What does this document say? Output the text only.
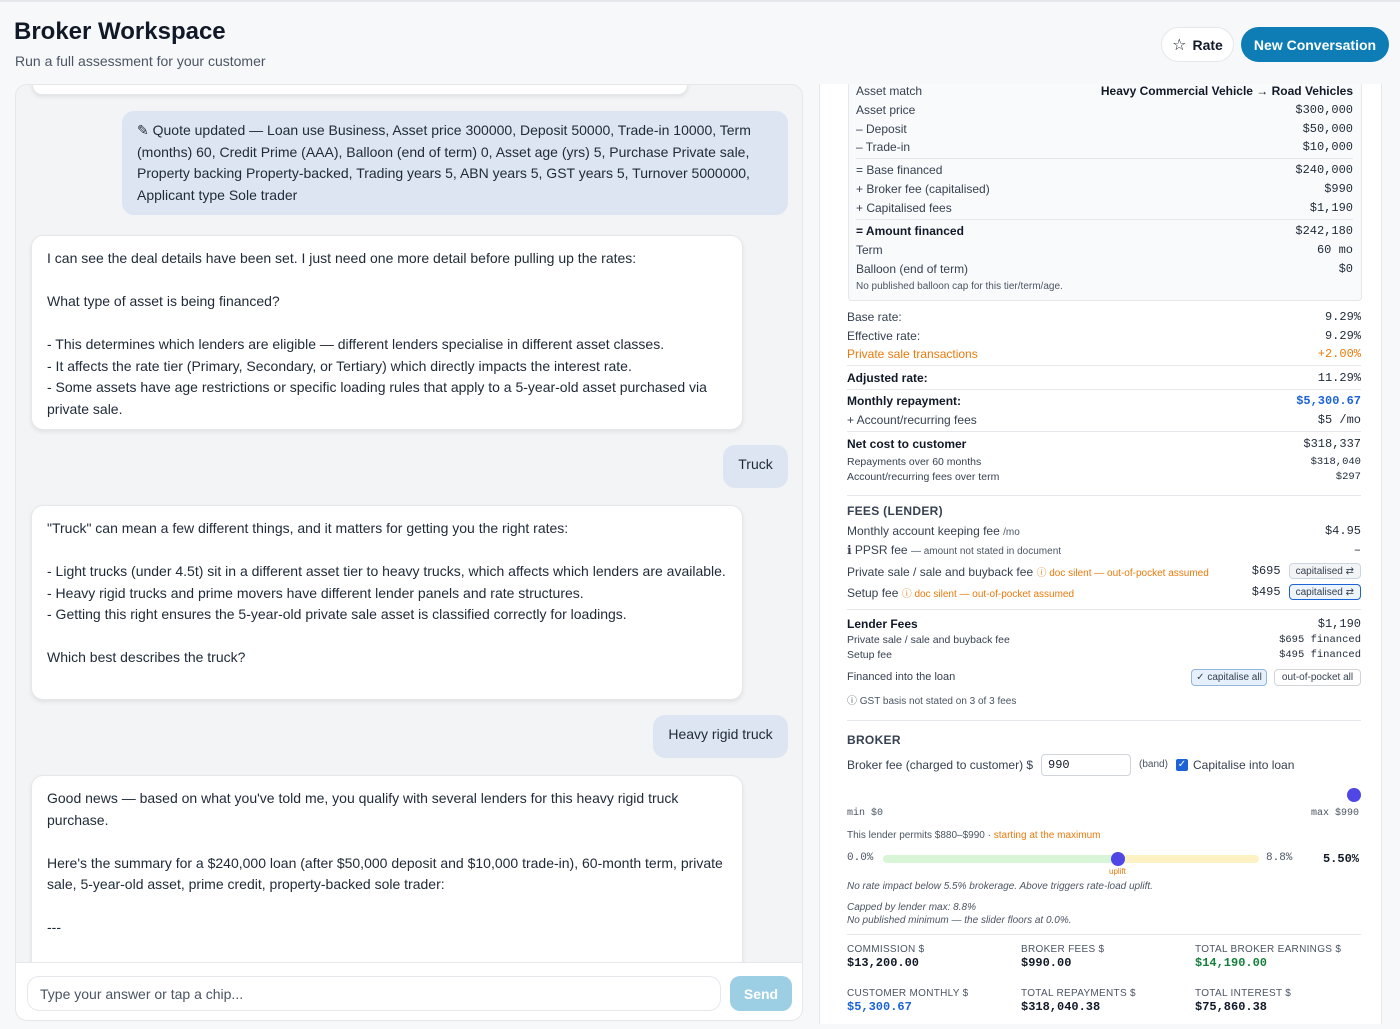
Broker Workspace
Run a full assessment for your customer
☆ Rate	New Conversation
✎ Quote updated — Loan use Business, Asset price 300000, Deposit 50000, Trade-in 10000, Term (months) 60, Credit Prime (AAA), Balloon (end of term) 0, Asset age (yrs) 5, Purchase Private sale, Property backing Property-backed, Trading years 5, ABN years 5, GST years 5, Turnover 5000000, Applicant type Sole trader
I can see the deal details have been set. I just need one more detail before pulling up the rates:

What type of asset is being financed?

- This determines which lenders are eligible — different lenders specialise in different asset classes.
- It affects the rate tier (Primary, Secondary, or Tertiary) which directly impacts the interest rate.
- Some assets have age restrictions or specific loading rules that apply to a 5-year-old asset purchased via private sale.
Truck
"Truck" can mean a few different things, and it matters for getting you the right rates:

- Light trucks (under 4.5t) sit in a different asset tier to heavy trucks, which affects which lenders are available.
- Heavy rigid trucks and prime movers have different lender panels and rate structures.
- Getting this right ensures the 5-year-old private sale asset is classified correctly for loadings.

Which best describes the truck?
Heavy rigid truck
Good news — based on what you've told me, you qualify with several lenders for this heavy rigid truck purchase.

Here's the summary for a $240,000 loan (after $50,000 deposit and $10,000 trade-in), 60-month term, private sale, 5-year-old asset, prime credit, property-backed sole trader:

---
Type your answer or tap a chip...
Send
Asset match	Heavy Commercial Vehicle → Road Vehicles
Asset price	$300,000
– Deposit	$50,000
– Trade-in	$10,000
= Base financed	$240,000
+ Broker fee (capitalised)	$990
+ Capitalised fees	$1,190
= Amount financed	$242,180
Term	60 mo
Balloon (end of term)	$0
No published balloon cap for this tier/term/age.
Base rate:	9.29%
Effective rate:	9.29%
Private sale transactions	+2.00%
Adjusted rate:	11.29%
Monthly repayment:	$5,300.67
+ Account/recurring fees	$5 /mo
Net cost to customer	$318,337
Repayments over 60 months	$318,040
Account/recurring fees over term	$297
FEES (LENDER)
Monthly account keeping fee /mo	$4.95
ℹ PPSR fee — amount not stated in document	–
Private sale / sale and buyback fee ⓘ doc silent — out-of-pocket assumed	$695 capitalised ⇄
Setup fee ⓘ doc silent — out-of-pocket assumed	$495 capitalised ⇄
Lender Fees	$1,190
Private sale / sale and buyback fee	$695 financed
Setup fee	$495 financed
Financed into the loan	✓ capitalise all	out-of-pocket all
ⓘ GST basis not stated on 3 of 3 fees
BROKER
Broker fee (charged to customer) $
990	(band) ✓ Capitalise into loan
min $0	max $990
This lender permits $880–$990 · starting at the maximum
0.0%
uplift
8.8%	5.50%
No rate impact below 5.5% brokerage. Above triggers rate-load uplift.
Capped by lender max: 8.8%
No published minimum — the slider floors at 0.0%.
COMMISSION $
$13,200.00
BROKER FEES $
$990.00
TOTAL BROKER EARNINGS $
$14,190.00
CUSTOMER MONTHLY $
$5,300.67
TOTAL REPAYMENTS $
$318,040.38
TOTAL INTEREST $
$75,860.38
